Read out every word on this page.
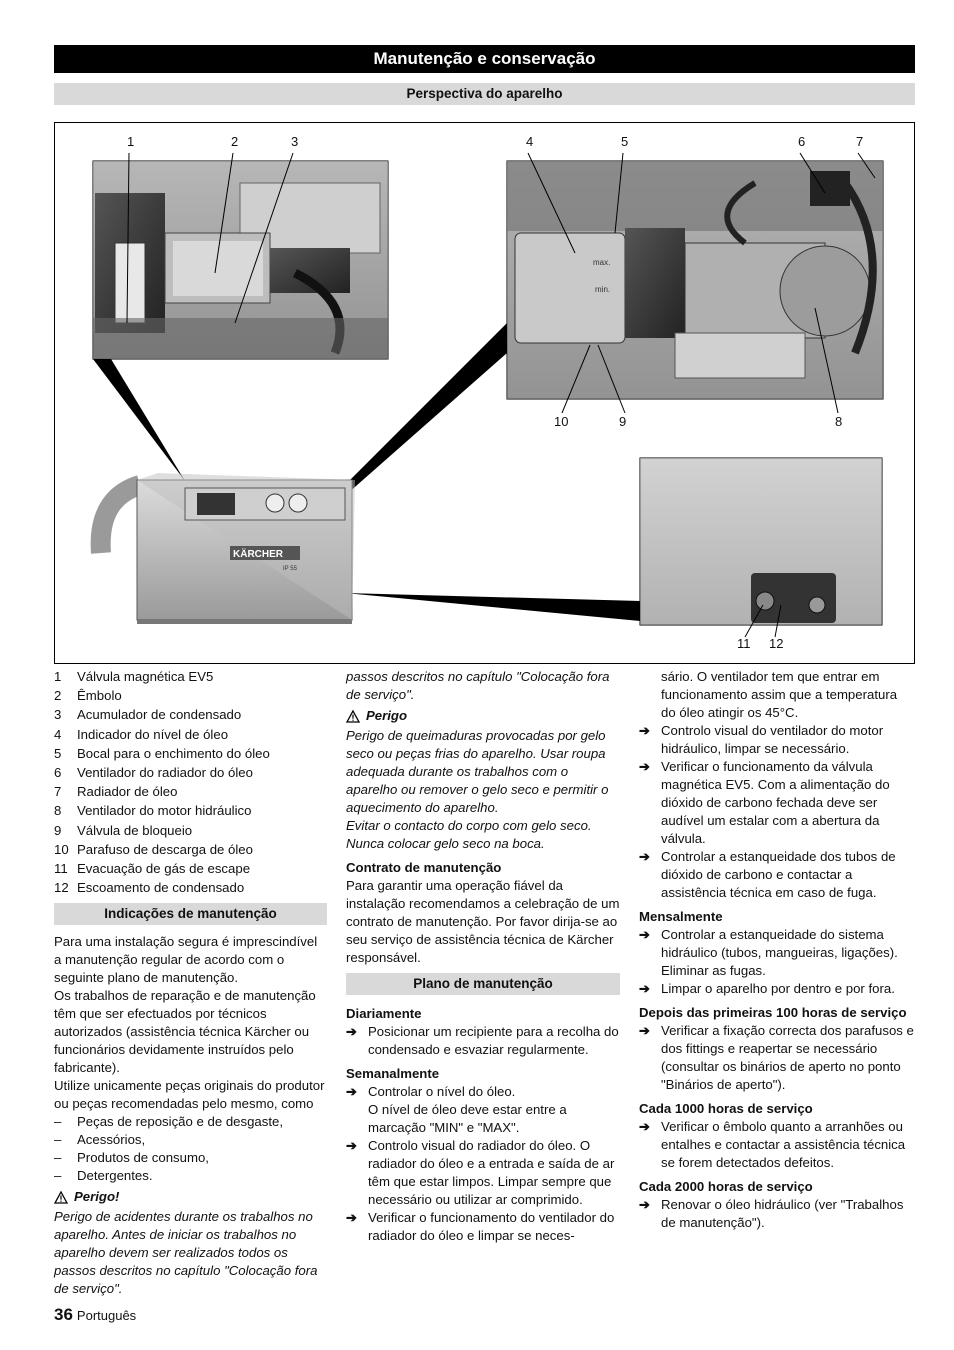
Manutenção e conservação
Perspectiva do aparelho
1	2	3	4	5	6	7
8
9
10
11 12
max.
min.
KÄRCHER
IP 55
1	Válvula magnética EV5
2	Êmbolo
3	Acumulador de condensado
4	Indicador do nível de óleo
5	Bocal para o enchimento do óleo
6	Ventilador do radiador do óleo
7	Radiador de óleo
8	Ventilador do motor hidráulico
9	Válvula de bloqueio
10 Parafuso de descarga de óleo
11 Evacuação de gás de escape
12 Escoamento de condensado
Indicações de manutenção

Para uma instalação segura é imprescindível a manutenção regular de acordo com o seguinte plano de manutenção.

Os trabalhos de reparação e de manutenção têm que ser efectuados por técnicos autorizados (assistência técnica Kärcher ou funcionários devidamente instruídos pelo fabricante).

Utilize unicamente peças originais do produtor ou peças recomendadas pelo mesmo, como

–	Peças de reposição e de desgaste,
–	Acessórios,
–	Produtos de consumo,
–	Detergentes.
Perigo!

Perigo de acidentes durante os trabalhos no aparelho. Antes de iniciar os trabalhos no aparelho devem ser realizados todos os passos descritos no capítulo "Colocação fora de serviço".

passos descritos no capítulo "Colocação fora de serviço".

Perigo

Perigo de queimaduras provocadas por gelo seco ou peças frias do aparelho. Usar roupa adequada durante os trabalhos com o aparelho ou remover o gelo seco e permitir o aquecimento do aparelho.

Evitar o contacto do corpo com gelo seco. Nunca colocar gelo seco na boca.

Contrato de manutenção

Para garantir uma operação fiável da instalação recomendamos a celebração de um contrato de manutenção. Por favor dirija-se ao seu serviço de assistência técnica de Kärcher responsável.

Plano de manutenção
Diariamente
➔ Posicionar um recipiente para a recolha do condensado e esvaziar regularmente.
Semanalmente
➔ Controlar o nível do óleo.
O nível de óleo deve estar entre a marcação "MIN" e "MAX".
➔ Controlo visual do radiador do óleo. O radiador do óleo e a entrada e saída de ar têm que estar limpos. Limpar sempre que necessário ou utilizar ar comprimido.
➔ Verificar o funcionamento do ventilador do radiador do óleo e limpar se neces-
sário. O ventilador tem que entrar em funcionamento assim que a temperatura do óleo atingir os 45°C.
➔ Controlo visual do ventilador do motor hidráulico, limpar se necessário.
➔ Verificar o funcionamento da válvula magnética EV5. Com a alimentação do dióxido de carbono fechada deve ser audível um estalar com a abertura da válvula.
➔ Controlar a estanqueidade dos tubos de dióxido de carbono e contactar a assistência técnica em caso de fuga.
Mensalmente
➔ Controlar a estanqueidade do sistema hidráulico (tubos, mangueiras, ligações). Eliminar as fugas.
➔ Limpar o aparelho por dentro e por fora.
Depois das primeiras 100 horas de serviço
➔ Verificar a fixação correcta dos parafusos e dos fittings e reapertar se necessário (consultar os binários de aperto no ponto "Binários de aperto").
Cada 1000 horas de serviço
➔ Verificar o êmbolo quanto a arranhões ou entalhes e contactar a assistência técnica se forem detectados defeitos.
Cada 2000 horas de serviço
➔ Renovar o óleo hidráulico (ver "Trabalhos de manutenção").
36 Português
